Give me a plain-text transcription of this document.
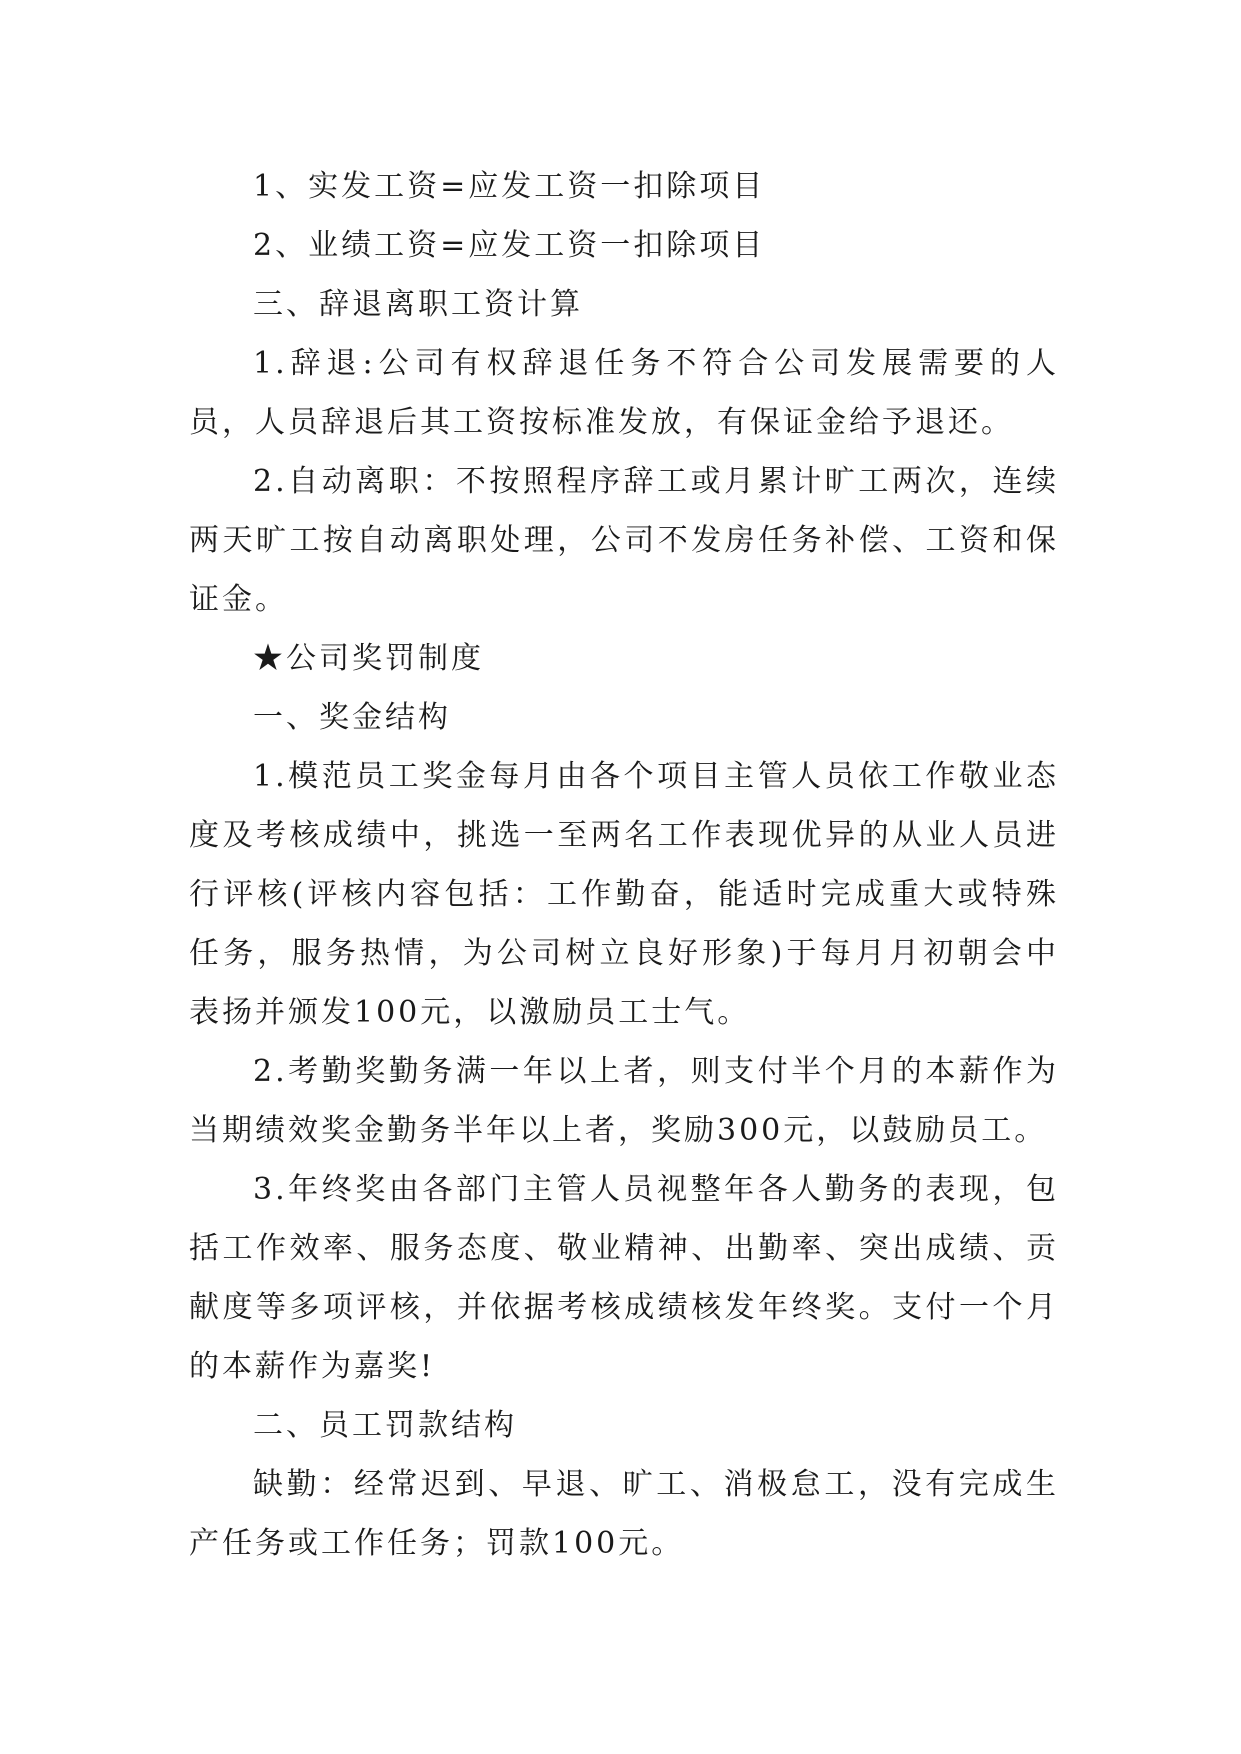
1、实发工资=应发工资一扣除项目

2、业绩工资=应发工资一扣除项目

三、辞退离职工资计算

1.辞退:公司有权辞退任务不符合公司发展需要的人员，人员辞退后其工资按标准发放，有保证金给予退还。

2.自动离职：不按照程序辞工或月累计旷工两次，连续两天旷工按自动离职处理，公司不发房任务补偿、工资和保证金。

★公司奖罚制度

一、奖金结构

1.模范员工奖金每月由各个项目主管人员依工作敬业态度及考核成绩中，挑选一至两名工作表现优异的从业人员进行评核(评核内容包括：工作勤奋，能适时完成重大或特殊任务，服务热情，为公司树立良好形象)于每月月初朝会中表扬并颁发100元，以激励员工士气。

2.考勤奖勤务满一年以上者，则支付半个月的本薪作为当期绩效奖金勤务半年以上者，奖励300元，以鼓励员工。

3.年终奖由各部门主管人员视整年各人勤务的表现，包括工作效率、服务态度、敬业精神、出勤率、突出成绩、贡献度等多项评核，并依据考核成绩核发年终奖。支付一个月的本薪作为嘉奖!

二、员工罚款结构

缺勤：经常迟到、早退、旷工、消极怠工，没有完成生产任务或工作任务；罚款100元。
